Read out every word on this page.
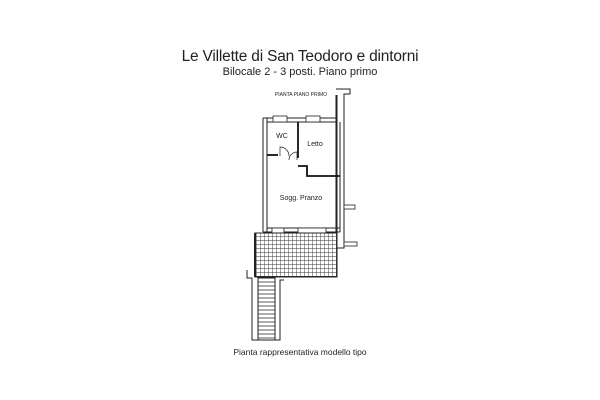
Le Villette di San Teodoro e dintorni
Bilocale 2 - 3 posti. Piano primo
PIANTA PIANO PRIMO
WC
Letto
Sogg. Pranzo
Pianta rappresentativa modello tipo
